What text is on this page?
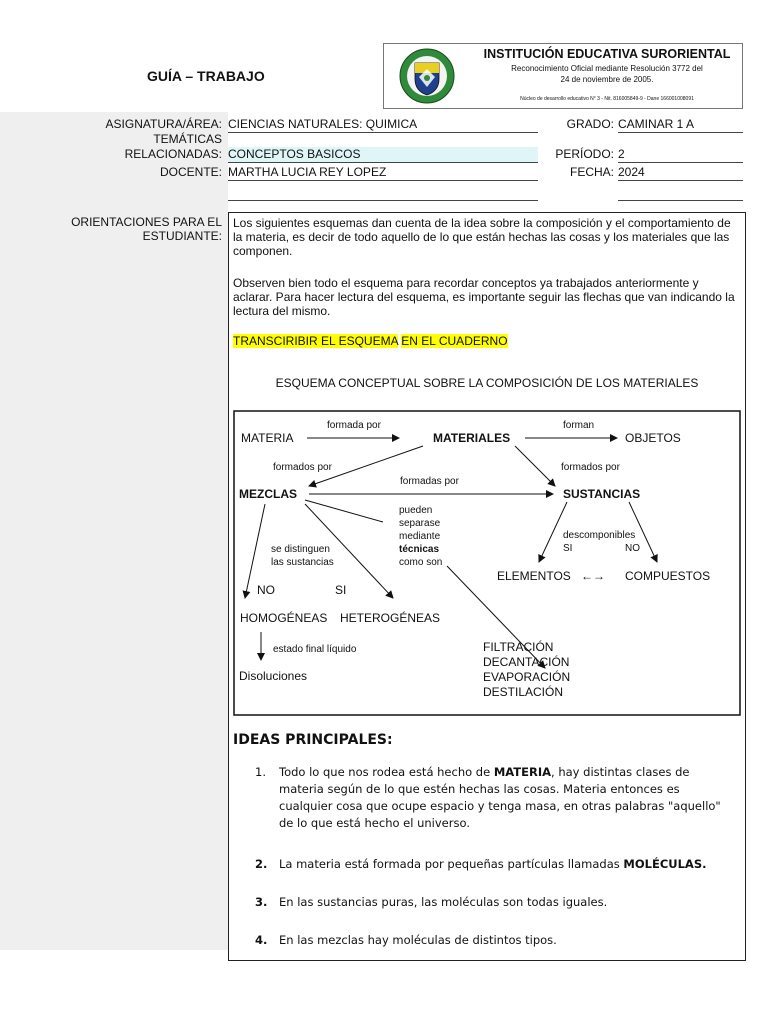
GUÍA – TRABAJO
INSTITUCIÓN EDUCATIVA SURORIENTAL
Reconocimiento Oficial mediante Resolución 3772 del
24 de noviembre de 2005.
Núcleo de desarrollo educativo N° 3 - Nit. 816005849-9 - Dane 166001008091
ASIGNATURA/ÁREA: CIENCIAS NATURALES: QUIMICA	GRADO: CAMINAR 1 A
TEMÁTICAS
RELACIONADAS: CONCEPTOS BASICOS	PERÍODO: 2
DOCENTE: MARTHA LUCIA REY LOPEZ	FECHA: 2024
ORIENTACIONES PARA EL
ESTUDIANTE:
Los siguientes esquemas dan cuenta de la idea sobre la composición y el comportamiento de la materia, es decir de todo aquello de lo que están hechas las cosas y los materiales que las componen.
Observen bien todo el esquema para recordar conceptos ya trabajados anteriormente y aclarar. Para hacer lectura del esquema, es importante seguir las flechas que van indicando la lectura del mismo.
TRANSCIRIBIR EL ESQUEMA EN EL CUADERNO
ESQUEMA CONCEPTUAL SOBRE LA COMPOSICIÓN DE LOS MATERIALES
MATERIA
formada por
MATERIALES
forman
OBJETOS
formados por	formados por
formadas por
MEZCLAS	SUSTANCIAS
pueden
separase
mediante
técnicas
como son
descomponibles
SI	NO
se distinguen
las sustancias
ELEMENTOS ←→ COMPUESTOS
NO	SI
HOMOGÉNEAS HETEROGÉNEAS
estado final líquido
Disoluciones
FILTRACIÓN
DECANTACIÓN
EVAPORACIÓN
DESTILACIÓN
IDEAS PRINCIPALES:
1. Todo lo que nos rodea está hecho de MATERIA, hay distintas clases de materia según de lo que estén hechas las cosas. Materia entonces es cualquier cosa que ocupe espacio y tenga masa, en otras palabras "aquello" de lo que está hecho el universo.
2. La materia está formada por pequeñas partículas llamadas MOLÉCULAS.
3. En las sustancias puras, las moléculas son todas iguales.
4. En las mezclas hay moléculas de distintos tipos.
